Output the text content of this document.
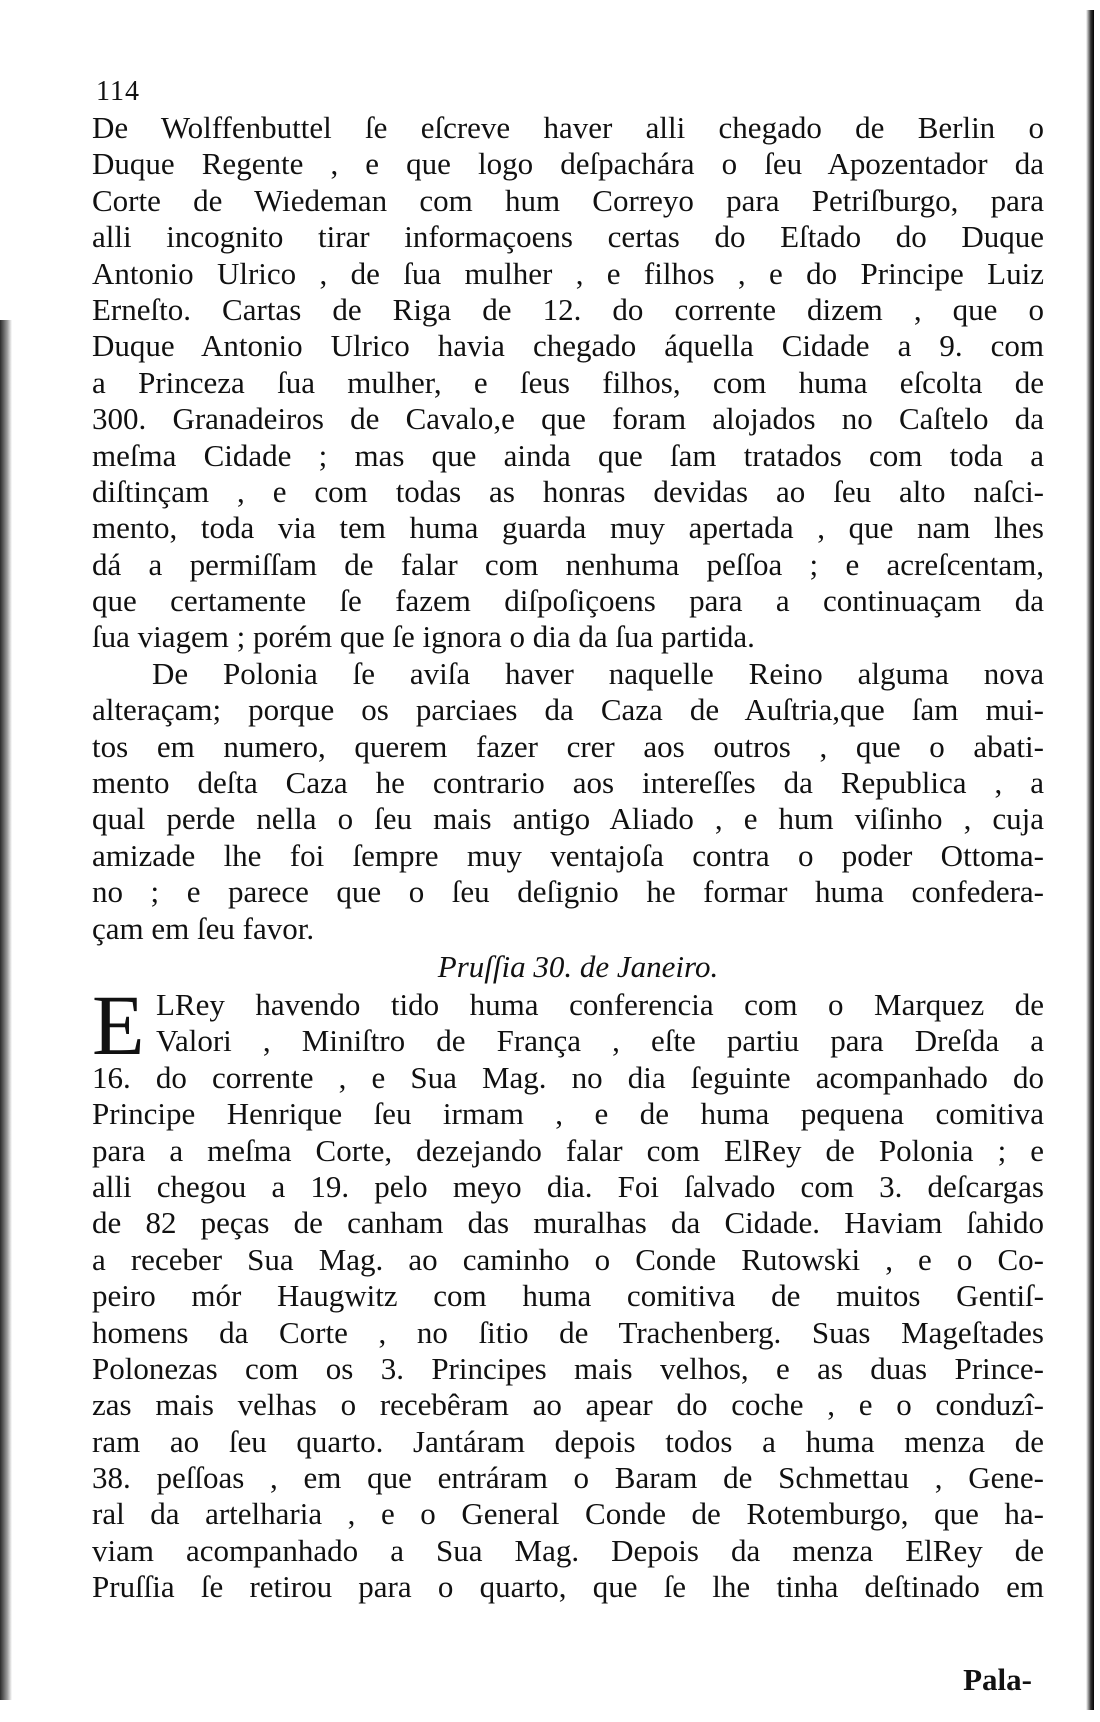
114
De Wolffenbuttel ſe eſcreve haver alli chegado de Berlin o
Duque Regente , e que logo deſpachára o ſeu Apozentador da
Corte de Wiedeman com hum Correyo para Petriſburgo, para
alli incognito tirar informaçoens certas do Eſtado do Duque
Antonio Ulrico , de ſua mulher , e filhos , e do Principe Luiz
Erneſto. Cartas de Riga de 12. do corrente dizem , que o
Duque Antonio Ulrico havia chegado áquella Cidade a 9. com
a Princeza ſua mulher, e ſeus filhos, com huma eſcolta de
300. Granadeiros de Cavalo,e que foram alojados no Caſtelo da
meſma Cidade ; mas que ainda que ſam tratados com toda a
diſtinçam , e com todas as honras devidas ao ſeu alto naſci-
mento, toda via tem huma guarda muy apertada , que nam lhes
dá a permiſſam de falar com nenhuma peſſoa ; e acreſcentam,
que certamente ſe fazem diſpoſiçoens para a continuaçam da
ſua viagem ; porém que ſe ignora o dia da ſua partida.
De Polonia ſe aviſa haver naquelle Reino alguma nova
alteraçam; porque os parciaes da Caza de Auſtria,que ſam mui-
tos em numero, querem fazer crer aos outros , que o abati-
mento deſta Caza he contrario aos intereſſes da Republica , a
qual perde nella o ſeu mais antigo Aliado , e hum viſinho , cuja
amizade lhe foi ſempre muy ventajoſa contra o poder Ottoma-
no ; e parece que o ſeu deſignio he formar huma confedera-
çam em ſeu favor.
Pruſſia 30. de Janeiro.
E LRey havendo tido huma conferencia com o Marquez de
Valori , Miniſtro de França , eſte partiu para Dreſda a
16. do corrente , e Sua Mag. no dia ſeguinte acompanhado do
Principe Henrique ſeu irmam , e de huma pequena comitiva
para a meſma Corte, dezejando falar com ElRey de Polonia ; e
alli chegou a 19. pelo meyo dia. Foi ſalvado com 3. deſcargas
de 82 peças de canham das muralhas da Cidade. Haviam ſahido
a receber Sua Mag. ao caminho o Conde Rutowski , e o Co-
peiro mór Haugwitz com huma comitiva de muitos Gentiſ-
homens da Corte , no ſitio de Trachenberg. Suas Mageſtades
Polonezas com os 3. Principes mais velhos, e as duas Prince-
zas mais velhas o recebêram ao apear do coche , e o conduzî-
ram ao ſeu quarto. Jantáram depois todos a huma menza de
38. peſſoas , em que entráram o Baram de Schmettau , Gene-
ral da artelharia , e o General Conde de Rotemburgo, que ha-
viam acompanhado a Sua Mag. Depois da menza ElRey de
Pruſſia ſe retirou para o quarto, que ſe lhe tinha deſtinado em
Pala-
